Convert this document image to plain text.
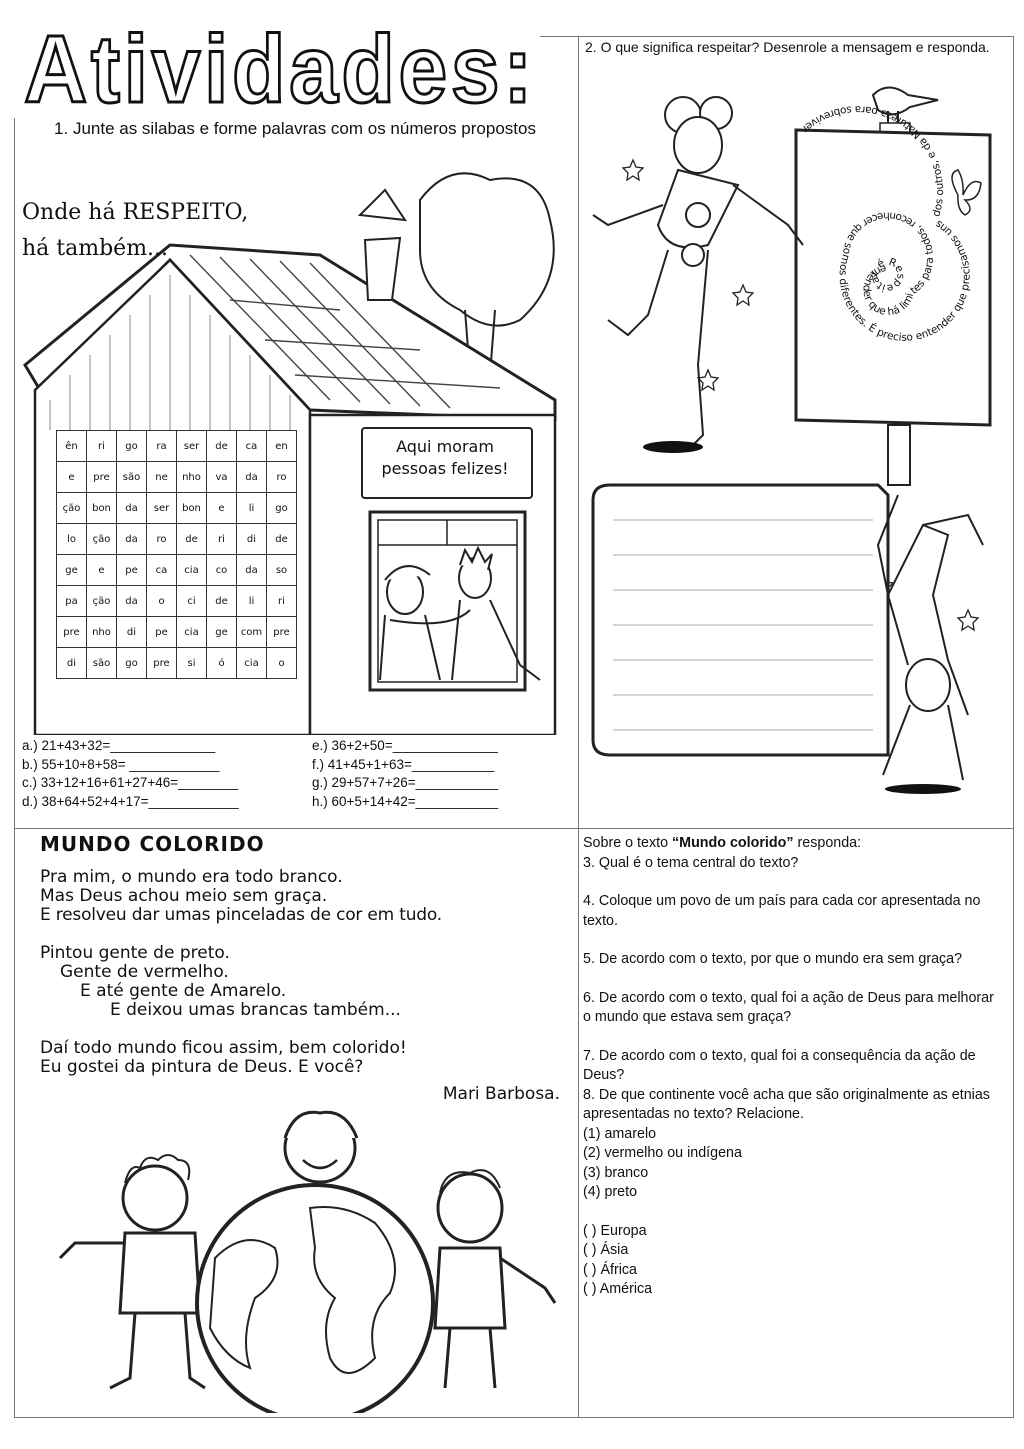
Atividades:
1. Junte as silabas e forme palavras com os números propostos
Onde há RESPEITO, há também...
Aqui moram pessoas felizes!
ên	ri	go	ra	ser	de	ca	en
e	pre	são	ne	nho	va	da	ro
ção	bon	da	ser	bon	e	li	go
lo	ção	da	ro	de	ri	di	de
ge	e	pe	ca	cia	co	da	so
pa	ção	da	o	ci	de	li	ri
pre	nho	di	pe	cia	ge	com	pre
di	são	go	pre	si	ó	cia	o
a.) 21+43+32=______________
b.) 55+10+8+58= ____________
c.) 33+12+16+61+27+46=________
d.) 38+64+52+4+17=____________
e.) 36+2+50=______________
f.) 41+45+1+63=___________
g.) 29+57+7+26=___________
h.) 60+5+14+42=___________
2. O que significa respeitar? Desenrole a mensagem e responda.
Respeitar é entender que há limites para todos, reconhecer que somos diferentes. É preciso entender que precisamos uns dos outros, e da Natureza para sobreviver
MUNDO COLORIDO
Pra mim, o mundo era todo branco.
Mas Deus achou meio sem graça.
E resolveu dar umas pinceladas de cor em tudo.
Pintou gente de preto.
Gente de vermelho.
E até gente de Amarelo.
E deixou umas brancas também...
Daí todo mundo ficou assim, bem colorido!
Eu gostei da pintura de Deus. E você?
Mari Barbosa.

Sobre o texto “Mundo colorido” responda:

3. Qual é o tema central do texto?

4. Coloque um povo de um país para cada cor apresentada no texto.

5. De acordo com o texto, por que o mundo era sem graça?

6. De acordo com o texto, qual foi a ação de Deus para melhorar o mundo que estava sem graça?

7. De acordo com o texto, qual foi a consequência da ação de Deus?

8. De que continente você acha que são originalmente as etnias apresentadas no texto? Relacione.

(1) amarelo

(2) vermelho ou indígena

(3) branco

(4) preto

( ) Europa

( ) Ásia

( ) África

( ) América
